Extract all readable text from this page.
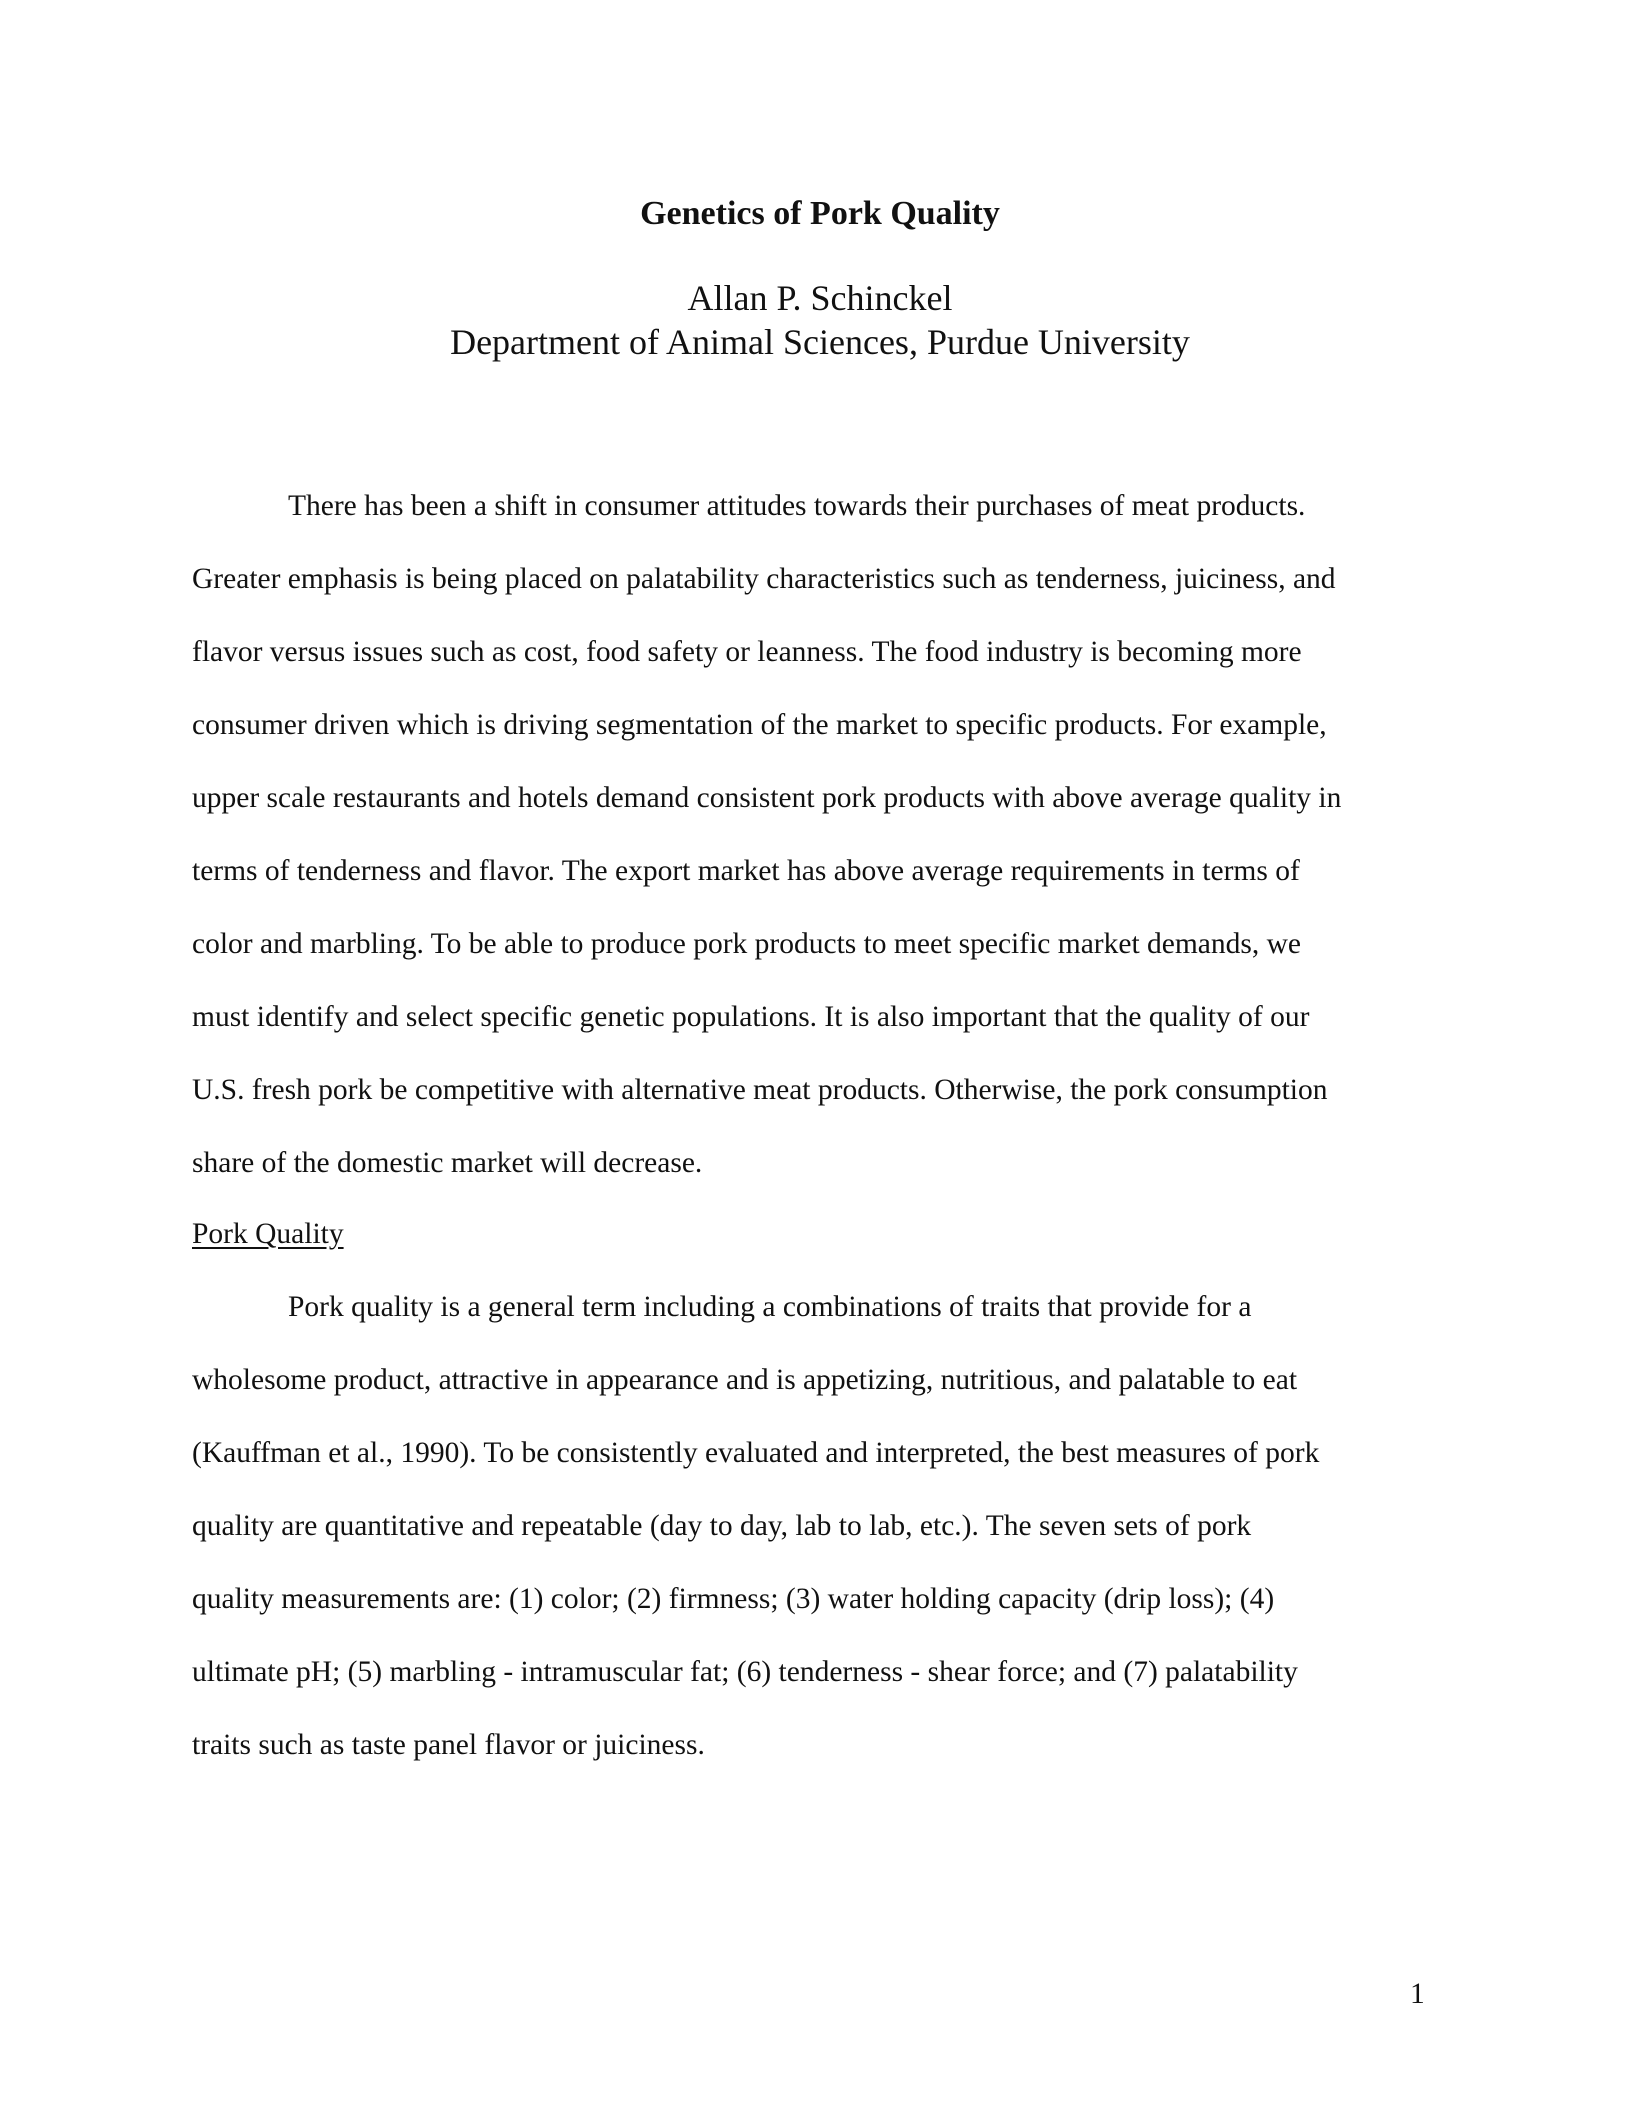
Genetics of Pork Quality
Allan P. Schinckel
Department of Animal Sciences, Purdue University
There has been a shift in consumer attitudes towards their purchases of meat products.
Greater emphasis is being placed on palatability characteristics such as tenderness, juiciness, and
flavor versus issues such as cost, food safety or leanness. The food industry is becoming more
consumer driven which is driving segmentation of the market to specific products. For example,
upper scale restaurants and hotels demand consistent pork products with above average quality in
terms of tenderness and flavor. The export market has above average requirements in terms of
color and marbling. To be able to produce pork products to meet specific market demands, we
must identify and select specific genetic populations. It is also important that the quality of our
U.S. fresh pork be competitive with alternative meat products. Otherwise, the pork consumption
share of the domestic market will decrease.
Pork Quality
Pork quality is a general term including a combinations of traits that provide for a
wholesome product, attractive in appearance and is appetizing, nutritious, and palatable to eat
(Kauffman et al., 1990). To be consistently evaluated and interpreted, the best measures of pork
quality are quantitative and repeatable (day to day, lab to lab, etc.). The seven sets of pork
quality measurements are: (1) color; (2) firmness; (3) water holding capacity (drip loss); (4)
ultimate pH; (5) marbling - intramuscular fat; (6) tenderness - shear force; and (7) palatability
traits such as taste panel flavor or juiciness.
1
